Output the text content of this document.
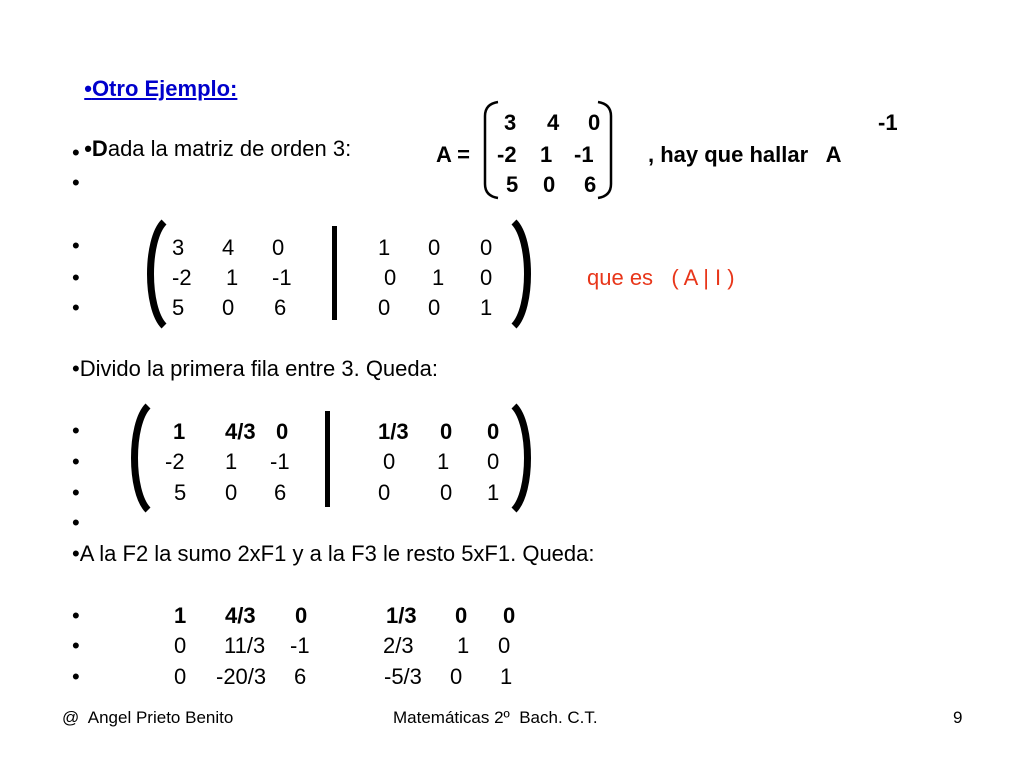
•Otro Ejemplo:

•Dada la matriz de orden 3:

•
•
A =
3 4 0
-2 1 -1
5 0 6
, hay que hallar   A
-1
•
•
•
3 4 0	1 0 0
-2 1 -1	0 1 0
5 0 6	0 0 1
que es   ( A | I )
•Divido la primera fila entre 3. Queda:
•
•
•
•
1 4/3 0	1/3 0 0
-2 1 -1	0 1 0
5 0 6	0 0 1
•A la F2 la sumo 2xF1 y a la F3 le resto 5xF1. Queda:
•
•
•
1 4/3 0	1/3 0 0
0 11/3 -1	2/3 1 0
0 -20/3 6	-5/3 0 1
@  Angel Prieto Benito	Matemáticas 2º  Bach. C.T.	9
